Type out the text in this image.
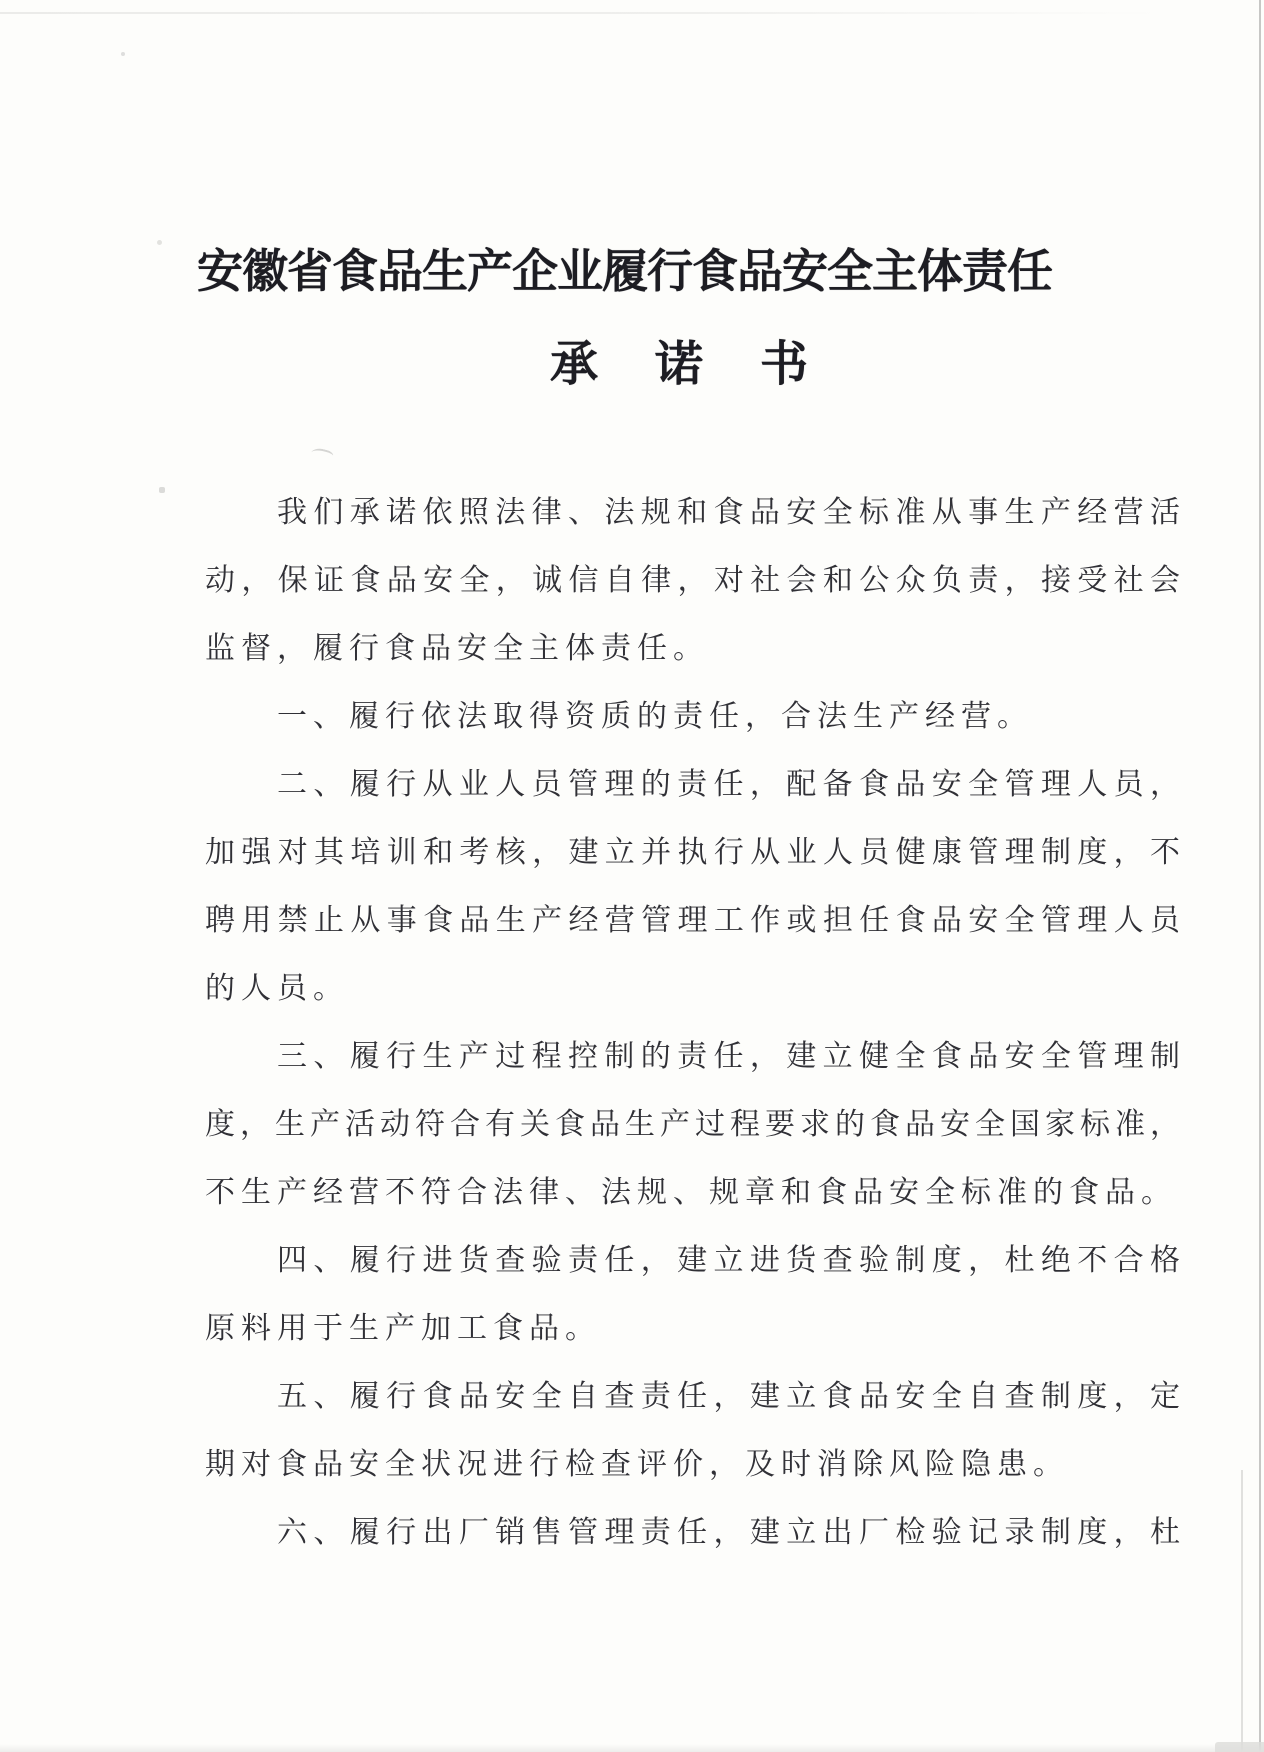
安徽省食品生产企业履行食品安全主体责任
承诺书
我们承诺依照法律、法规和食品安全标准从事生产经营活
动，保证食品安全，诚信自律，对社会和公众负责，接受社会
监督，履行食品安全主体责任。
一、履行依法取得资质的责任，合法生产经营。
二、履行从业人员管理的责任，配备食品安全管理人员，
加强对其培训和考核，建立并执行从业人员健康管理制度，不
聘用禁止从事食品生产经营管理工作或担任食品安全管理人员
的人员。
三、履行生产过程控制的责任，建立健全食品安全管理制
度，生产活动符合有关食品生产过程要求的食品安全国家标准，
不生产经营不符合法律、法规、规章和食品安全标准的食品。
四、履行进货查验责任，建立进货查验制度，杜绝不合格
原料用于生产加工食品。
五、履行食品安全自查责任，建立食品安全自查制度，定
期对食品安全状况进行检查评价，及时消除风险隐患。
六、履行出厂销售管理责任，建立出厂检验记录制度，杜
